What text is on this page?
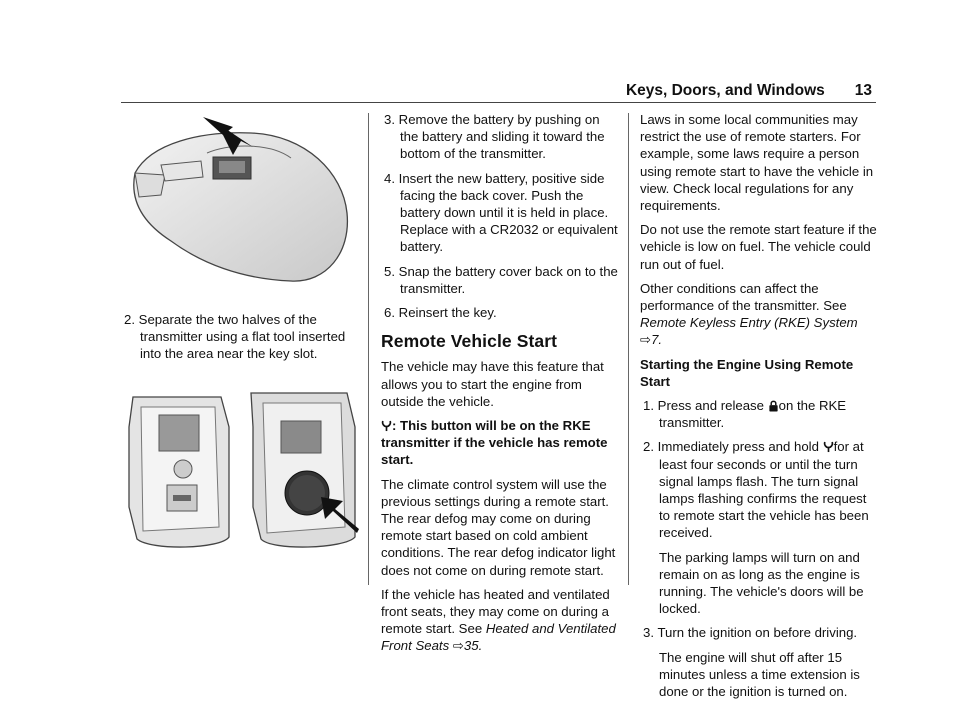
Keys, Doors, and Windows 13
2. Separate the two halves of the transmitter using a flat tool inserted into the area near the key slot.
3. Remove the battery by pushing on the battery and sliding it toward the bottom of the transmitter.
4. Insert the new battery, positive side facing the back cover. Push the battery down until it is held in place. Replace with a CR2032 or equivalent battery.
5. Snap the battery cover back on to the transmitter.
6. Reinsert the key.
Remote Vehicle Start

The vehicle may have this feature that allows you to start the engine from outside the vehicle.

: This button will be on the RKE transmitter if the vehicle has remote start.

The climate control system will use the previous settings during a remote start. The rear defog may come on during remote start based on cold ambient conditions. The rear defog indicator light does not come on during remote start.

If the vehicle has heated and ventilated front seats, they may come on during a remote start. See Heated and Ventilated Front Seats ⇨35.

Laws in some local communities may restrict the use of remote starters. For example, some laws require a person using remote start to have the vehicle in view. Check local regulations for any requirements.

Do not use the remote start feature if the vehicle is low on fuel. The vehicle could run out of fuel.

Other conditions can affect the performance of the transmitter. See Remote Keyless Entry (RKE) System ⇨7.

Starting the Engine Using Remote Start

1. Press and release on the RKE transmitter.
2. Immediately press and hold for at least four seconds or until the turn signal lamps flash. The turn signal lamps flashing confirms the request to remote start the vehicle has been received.

The parking lamps will turn on and remain on as long as the engine is running. The vehicle's doors will be locked.

3. Turn the ignition on before driving.

The engine will shut off after 15 minutes unless a time extension is done or the ignition is turned on.
